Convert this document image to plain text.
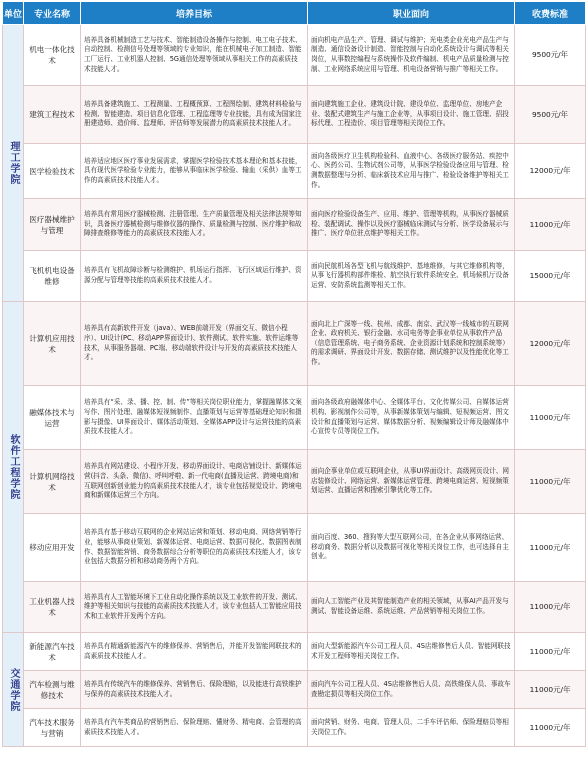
单位	专业名称	培养目标	职业面向	收费标准
理工学院	机电一体化技术	培养具备机械制造工艺与技术、智能制造设备操作与控制、电工电子技术、自动控制、检测信号处理等领域的专业知识，能在机械电子加工制造、智能工厂运行、工业机器人控制、5G通信处理等领域从事相关工作的高素质技术技能人才。	面向机电产品生产、管理、调试与维护；光电类企业光电产品生产与制造、通信设备设计制造、智能控制与自动化系统设计与调试等相关岗位，从事数控编程与系统操作及软件编制、机电产品质量检测与控制、工业网络系统应用与管理、机电设备营销与推广等相关工作。	9500元/年
	建筑工程技术	培养具备建筑施工、工程测量、工程概预算、工程图绘制、建筑材料检验与检测、智能建造、项目信息化管理、工程监理等专业技能，具有成为国家注册建造师、造价师、监理师、评估师等发展潜力的高素质技术技能人才。	面向建筑施工企业、建筑设计院、建设单位、监理单位、房地产企业、装配式建筑生产与施工企业等，从事项目设计、施工管理、招投标代理、工程造价、项目管理等相关岗位工作。	9500元/年
	医学检验技术	培养适应地区医疗事业发展需求，掌握医学检验技术基本理论和基本技能，具有现代医学检验专业能力，能够从事临床医学检验、输血（采供）血等工作的高素质技术技能人才。	面向各级医疗卫生机构检验科、血液中心、各级医疗服务站、疾控中心、医药公司、生物试剂公司等，从事医学检验设备应用与管理、检测数据整理与分析、临床新技术应用与推广、检验设备维护等相关工作。	12000元/年
	医疗器械维护与管理	培养具有常用医疗器械检测、注册管理、生产质量管理及相关法律法规等知识，具备医疗器械检测与维修仪器的操作、质量检测与控制、医疗维护和故障排查维修等能力的高素质技术技能人才。	面向医疗检验设备生产、应用、维护、管理等机构，从事医疗器械质检、装配调试、操作以及医疗器械临床测试与分析、医学设备展示与推广、医疗单位驻点维护等相关工作。	11000元/年
	飞机机电设备维修	培养具有飞机故障诊断与检测维护、机场运行指挥、飞行区域运行维护、资源分配与管理等技能的高素质技术技能人才。	面向民航机场各型飞机与航线维护、基地维修，与其它维修机构等，从事飞行器机构部件维检、航空执行软件系统安全、机场候机厅设备运营、安防系统监测等相关工作。	15000元/年
软件工程学院	计算机应用技术	培养具有高新软件开发（java）、WEB前端开发（界面交互、微信小程序）、UI设计(PC、移动APP界面设计)、软件测试、软件实施、软件运维等技术，从事服务器端、PC端、移动端软件设计与开发的高素质技术技能人才。	面向北上广深等一线、杭州、成都、南京、武汉等一线城市的互联网企业、政府机关、银行金融、水司电务等企事业单位从事软件产品（信息管理系统、电子商务系统、企业资源计划系统和控制系统等）的需求调研、界面设计开发、数据存储、测试维护以及性能优化等工作。	12000元/年
	融媒体技术与运营	培养具有“采、录、播、控、制、传”等相关岗位职业能力，掌握融媒体文案写作、图片处理、融媒体短视频制作、直播策划与运营等基础理论知识和摄影与摄像、UI界面设计、媒体活动策划、全媒体APP设计与运营技能的高素质技术技能人才。	面向各级政府融媒体中心、全媒体平台、文化传媒公司、自媒体运营机构、影视制作公司等，从事新媒体策划与编辑、短视频运营、图文设计和直播策划与运营、媒体数据分析、视频编辑设计师及融媒体中心宣传专员等岗位工作。	11000元/年
	计算机网络技术	培养具有网站建设、小程序开发、移动界面设计、电商店铺设计、新媒体运营(抖音、头条、微信)、呼叫呼啦、新一代电商(直播及运营、跨境电商)和互联网创新创业能力的高素质技术技能人才，该专业包括视觉设计、跨境电商和新媒体运营三个方向。	面向企事业单位或互联网企业，从事UI界面设计、高级网页设计、网店装修设计、网络运营、新媒体运营管理、跨境电商运营、短视频策划运营、直播运营和搜索引擎优化等工作。	11000元/年
	移动应用开发	培养具有基于移动互联网的企业网站运营和策划、移动电商、网络营销等行业，能够从事商业策划、新媒体运营、电商运营、数据可视化、数据图表制作、数据智能营销、商务数据综合分析等职位的高素质技术技能人才，该专业包括大数据分析和移动商务两个方向。	面向百度、360、搜狗等大型互联网公司，在各企业从事网络运营、移动商务、数据分析以及数据可视化等相关岗位工作，也可选择自主创业。	11000元/年
	工业机器人技术	培养具有人工智能环境下工业自动化操作系统以及工业软件的开发、测试、维护等相关知识与技能的高素质技术技能人才，该专业包括人工智能应用技术和工业软件开发两个方向。	面向人工智能产业及其智能制造产业的相关领域，从事AI产品开发与测试、智能设备运维、系统运维、产品营销等相关岗位工作。	11000元/年
交通学院	新能源汽车技术	培养具有精通新能源汽车的维修保养、营销售后，并能开发智能网联技术的高素质技术技能人才。	面向大型新能源汽车公司工程人员、4S店维修售后人员、智能网联技术开发工程师等相关岗位工作。	11000元/年
	汽车检测与维修技术	培养具有传统汽车的维修保养、营销售后、保险理赔，以及能进行高铁维护与保养的高素质技术技能人才。	面向汽车公司工程人员、4S店维修售后人员、高铁维保人员、事故车查勘定损员等相关岗位工作。	11000元/年
	汽车技术服务与营销	培养具有汽车类商品的营销售后、保险理赔、懂财务、精电商、会管理的高素质技术技能人才。	面向营销、财务、电商、管理人员、二手车评估师、保险理赔员等相关岗位工作。	11000元/年
